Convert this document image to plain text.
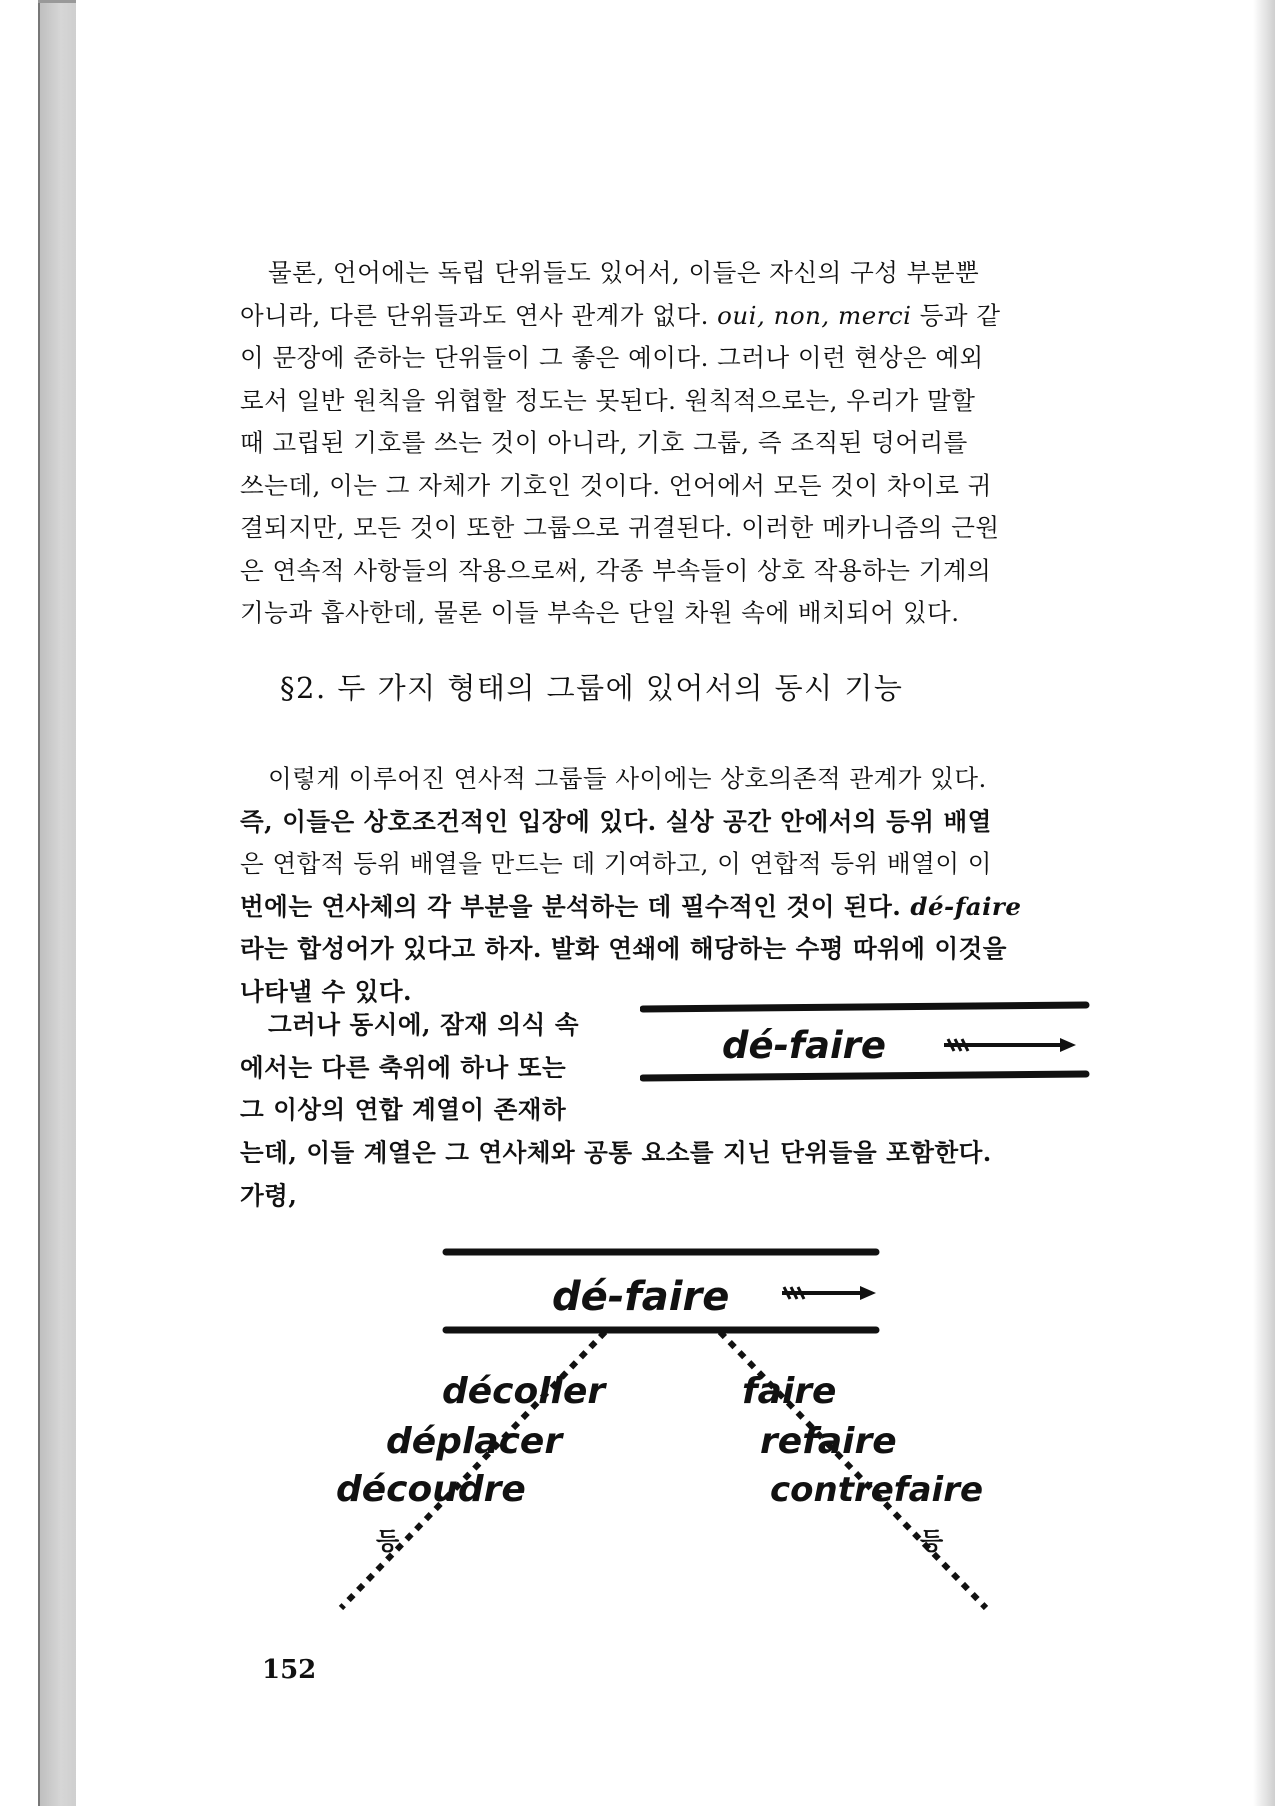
물론, 언어에는 독립 단위들도 있어서, 이들은 자신의 구성 부분뿐
아니라, 다른 단위들과도 연사 관계가 없다. oui, non, merci 등과 같
이 문장에 준하는 단위들이 그 좋은 예이다. 그러나 이런 현상은 예외
로서 일반 원칙을 위협할 정도는 못된다. 원칙적으로는, 우리가 말할
때 고립된 기호를 쓰는 것이 아니라, 기호 그룹, 즉 조직된 덩어리를
쓰는데, 이는 그 자체가 기호인 것이다. 언어에서 모든 것이 차이로 귀
결되지만, 모든 것이 또한 그룹으로 귀결된다. 이러한 메카니즘의 근원
은 연속적 사항들의 작용으로써, 각종 부속들이 상호 작용하는 기계의
기능과 흡사한데, 물론 이들 부속은 단일 차원 속에 배치되어 있다.
§2. 두 가지 형태의 그룹에 있어서의 동시 기능
이렇게 이루어진 연사적 그룹들 사이에는 상호의존적 관계가 있다.
즉, 이들은 상호조건적인 입장에 있다. 실상 공간 안에서의 등위 배열
은 연합적 등위 배열을 만드는 데 기여하고, 이 연합적 등위 배열이 이
번에는 연사체의 각 부분을 분석하는 데 필수적인 것이 된다. dé-faire
라는 합성어가 있다고 하자. 발화 연쇄에 해당하는 수평 따위에 이것을
나타낼 수 있다.
그러나 동시에, 잠재 의식 속
에서는 다른 축위에 하나 또는
그 이상의 연합 계열이 존재하
dé-faire
는데, 이들 계열은 그 연사체와 공통 요소를 지닌 단위들을 포함한다.
가령,
dé-faire
décoller
déplacer
découdre
등
faire
refaire
contrefaire
등
152
